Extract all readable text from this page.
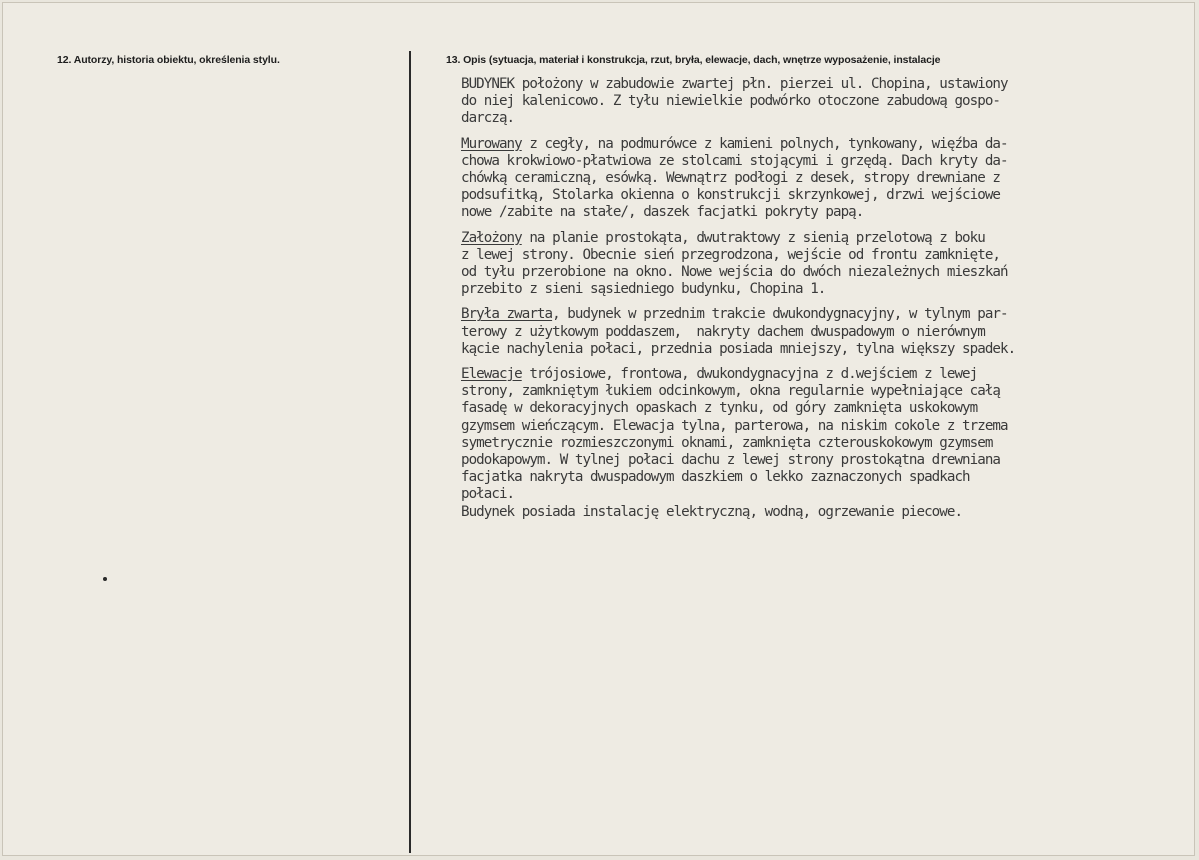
12. Autorzy, historia obiektu, określenia stylu.	13. Opis (sytuacja, materiał i konstrukcja, rzut, bryła, elewacje, dach, wnętrze wyposażenie, instalacje
BUDYNEK położony w zabudowie zwartej płn. pierzei ul. Chopina, ustawiony
do niej kalenicowo. Z tyłu niewielkie podwórko otoczone zabudową gospo-
darczą.
Murowany z cegły, na podmurówce z kamieni polnych, tynkowany, więźba da-
chowa krokwiowo-płatwiowa ze stolcami stojącymi i grzędą. Dach kryty da-
chówką ceramiczną, esówką. Wewnątrz podłogi z desek, stropy drewniane z
podsufitką, Stolarka okienna o konstrukcji skrzynkowej, drzwi wejściowe
nowe /zabite na stałe/, daszek facjatki pokryty papą.
Założony na planie prostokąta, dwutraktowy z sienią przelotową z boku
z lewej strony. Obecnie sień przegrodzona, wejście od frontu zamknięte,
od tyłu przerobione na okno. Nowe wejścia do dwóch niezależnych mieszkań
przebito z sieni sąsiedniego budynku, Chopina 1.
Bryła zwarta, budynek w przednim trakcie dwukondygnacyjny, w tylnym par-
terowy z użytkowym poddaszem,  nakryty dachem dwuspadowym o nierównym
kącie nachylenia połaci, przednia posiada mniejszy, tylna większy spadek.
Elewacje trójosiowe, frontowa, dwukondygnacyjna z d.wejściem z lewej
strony, zamkniętym łukiem odcinkowym, okna regularnie wypełniające całą
fasadę w dekoracyjnych opaskach z tynku, od góry zamknięta uskokowym
gzymsem wieńczącym. Elewacja tylna, parterowa, na niskim cokole z trzema
symetrycznie rozmieszczonymi oknami, zamknięta czterouskokowym gzymsem
podokapowym. W tylnej połaci dachu z lewej strony prostokątna drewniana
facjatka nakryta dwuspadowym daszkiem o lekko zaznaczonych spadkach
połaci.
Budynek posiada instalację elektryczną, wodną, ogrzewanie piecowe.
